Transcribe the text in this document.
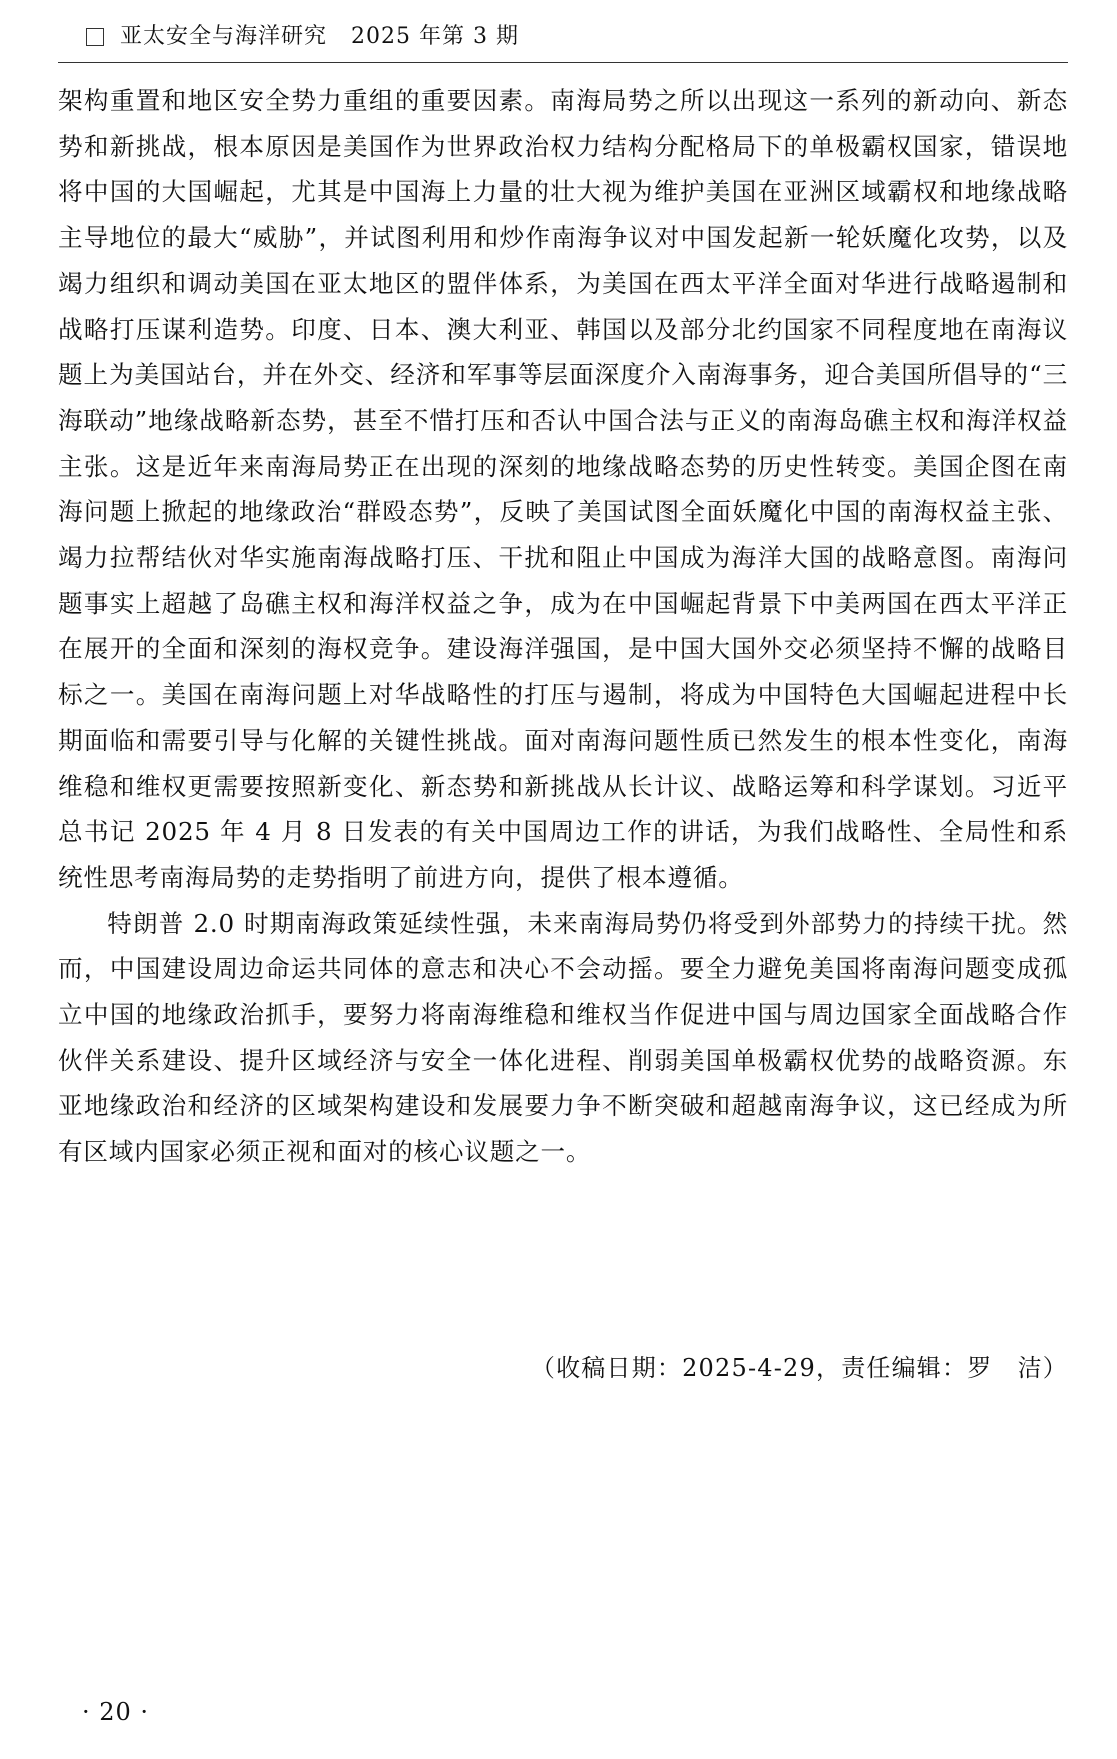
亚太安全与海洋研究 2025 年第 3 期

架构重置和地区安全势力重组的重要因素。南海局势之所以出现这一系列的新动向、新态势和新挑战，根本原因是美国作为世界政治权力结构分配格局下的单极霸权国家，错误地将中国的大国崛起，尤其是中国海上力量的壮大视为维护美国在亚洲区域霸权和地缘战略主导地位的最大“威胁”，并试图利用和炒作南海争议对中国发起新一轮妖魔化攻势，以及竭力组织和调动美国在亚太地区的盟伴体系，为美国在西太平洋全面对华进行战略遏制和战略打压谋利造势。印度、日本、澳大利亚、韩国以及部分北约国家不同程度地在南海议题上为美国站台，并在外交、经济和军事等层面深度介入南海事务，迎合美国所倡导的“三海联动”地缘战略新态势，甚至不惜打压和否认中国合法与正义的南海岛礁主权和海洋权益主张。这是近年来南海局势正在出现的深刻的地缘战略态势的历史性转变。美国企图在南海问题上掀起的地缘政治“群殴态势”，反映了美国试图全面妖魔化中国的南海权益主张、竭力拉帮结伙对华实施南海战略打压、干扰和阻止中国成为海洋大国的战略意图。南海问题事实上超越了岛礁主权和海洋权益之争，成为在中国崛起背景下中美两国在西太平洋正在展开的全面和深刻的海权竞争。建设海洋强国，是中国大国外交必须坚持不懈的战略目标之一。美国在南海问题上对华战略性的打压与遏制，将成为中国特色大国崛起进程中长期面临和需要引导与化解的关键性挑战。面对南海问题性质已然发生的根本性变化，南海维稳和维权更需要按照新变化、新态势和新挑战从长计议、战略运筹和科学谋划。习近平总书记 2025 年 4 月 8 日发表的有关中国周边工作的讲话，为我们战略性、全局性和系统性思考南海局势的走势指明了前进方向，提供了根本遵循。

特朗普 2.0 时期南海政策延续性强，未来南海局势仍将受到外部势力的持续干扰。然而，中国建设周边命运共同体的意志和决心不会动摇。要全力避免美国将南海问题变成孤立中国的地缘政治抓手，要努力将南海维稳和维权当作促进中国与周边国家全面战略合作伙伴关系建设、提升区域经济与安全一体化进程、削弱美国单极霸权优势的战略资源。东亚地缘政治和经济的区域架构建设和发展要力争不断突破和超越南海争议，这已经成为所有区域内国家必须正视和面对的核心议题之一。

（收稿日期：2025-4-29，责任编辑：罗　洁）
· 20 ·
